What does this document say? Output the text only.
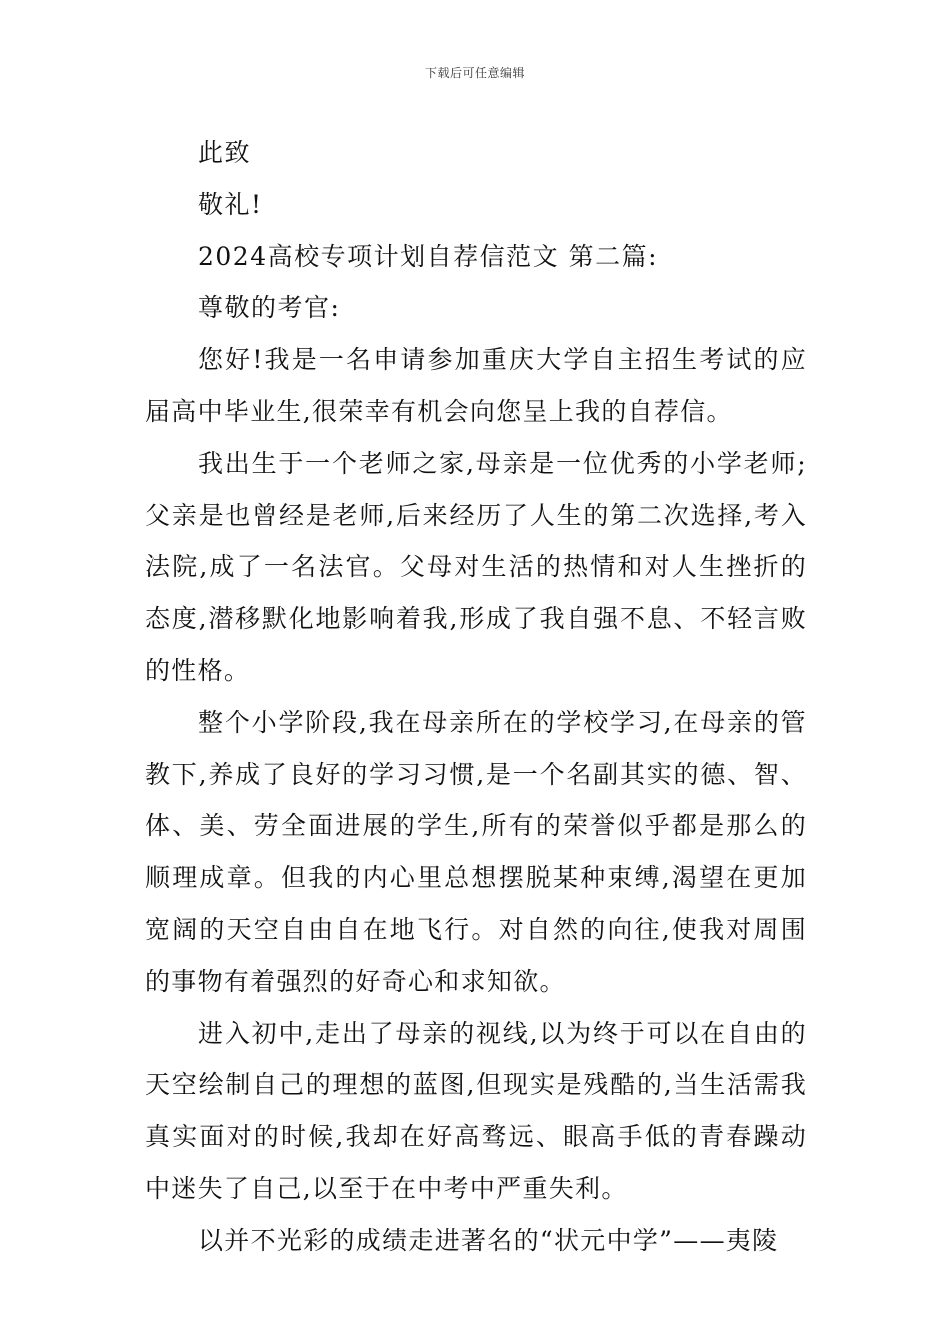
下载后可任意编辑
此致
敬礼!
2024高校专项计划自荐信范文 第二篇:
尊敬的考官:

您好!我是一名申请参加重庆大学自主招生考试的应届高中毕业生,很荣幸有机会向您呈上我的自荐信。

我出生于一个老师之家,母亲是一位优秀的小学老师;父亲是也曾经是老师,后来经历了人生的第二次选择,考入法院,成了一名法官。父母对生活的热情和对人生挫折的态度,潜移默化地影响着我,形成了我自强不息、不轻言败的性格。

整个小学阶段,我在母亲所在的学校学习,在母亲的管教下,养成了良好的学习习惯,是一个名副其实的德、智、体、美、劳全面进展的学生,所有的荣誉似乎都是那么的顺理成章。但我的内心里总想摆脱某种束缚,渴望在更加宽阔的天空自由自在地飞行。对自然的向往,使我对周围的事物有着强烈的好奇心和求知欲。

进入初中,走出了母亲的视线,以为终于可以在自由的天空绘制自己的理想的蓝图,但现实是残酷的,当生活需我真实面对的时候,我却在好高骛远、眼高手低的青春躁动中迷失了自己,以至于在中考中严重失利。

以并不光彩的成绩走进著名的“状元中学”——夷陵
